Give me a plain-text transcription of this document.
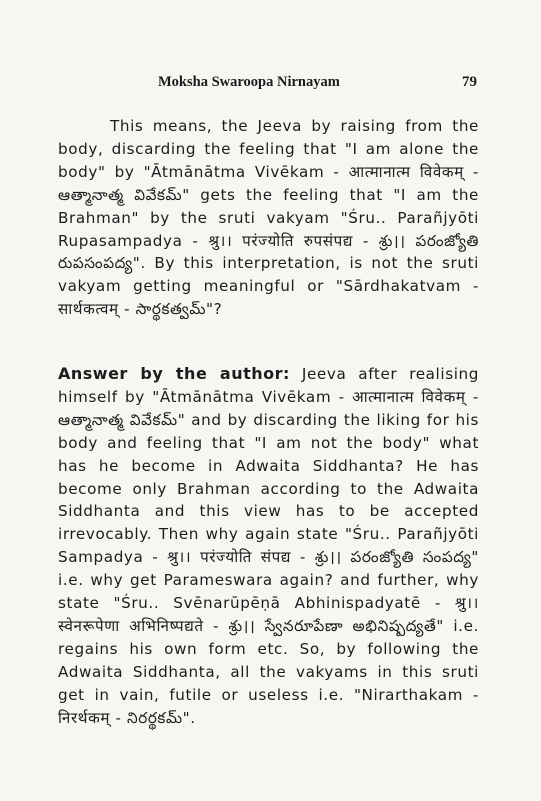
Moksha Swaroopa Nirnayam	79

This means, the Jeeva by raising from the body, discarding the feeling that "I am alone the body" by "Ātmānātma Vivēkam - आत्मानात्म विवेकम् - ఆత్మానాత్మ వివేకమ్" gets the feeling that "I am the Brahman" by the sruti vakyam "Śru.. Parañjyōti Rupasampadya - श्रु।। परंज्योति रुपसंपद्य - శ్రు।। పరంజ్యోతి రుపసంపద్య". By this interpretation, is not the sruti vakyam getting meaningful or "Sārdhakatvam - सार्थकत्वम् - సార్థకత్వమ్"?

Answer by the author: Jeeva after realising himself by "Ātmānātma Vivēkam - आत्मानात्म विवेकम् - ఆత్మానాత్మ వివేకమ్" and by discarding the liking for his body and feeling that "I am not the body" what has he become in Adwaita Siddhanta? He has become only Brahman according to the Adwaita Siddhanta and this view has to be accepted irrevocably. Then why again state "Śru.. Parañjyōti Sampadya - श्रु।। परंज्योति संपद्य - శ్రు।। పరంజ్యోతి సంపద్య" i.e. why get Parameswara again? and further, why state "Śru.. Svēnarūpēṇā Abhinispadyatē - श्रु।। स्वेनरूपेणा अभिनिष्पद्यते - శ్రు।। స్వేనరూపేణా అభినిష్పద్యతే" i.e. regains his own form etc. So, by following the Adwaita Siddhanta, all the vakyams in this sruti get in vain, futile or useless i.e. "Nirarthakam - निरर्थकम् - నిరర్థకమ్".
